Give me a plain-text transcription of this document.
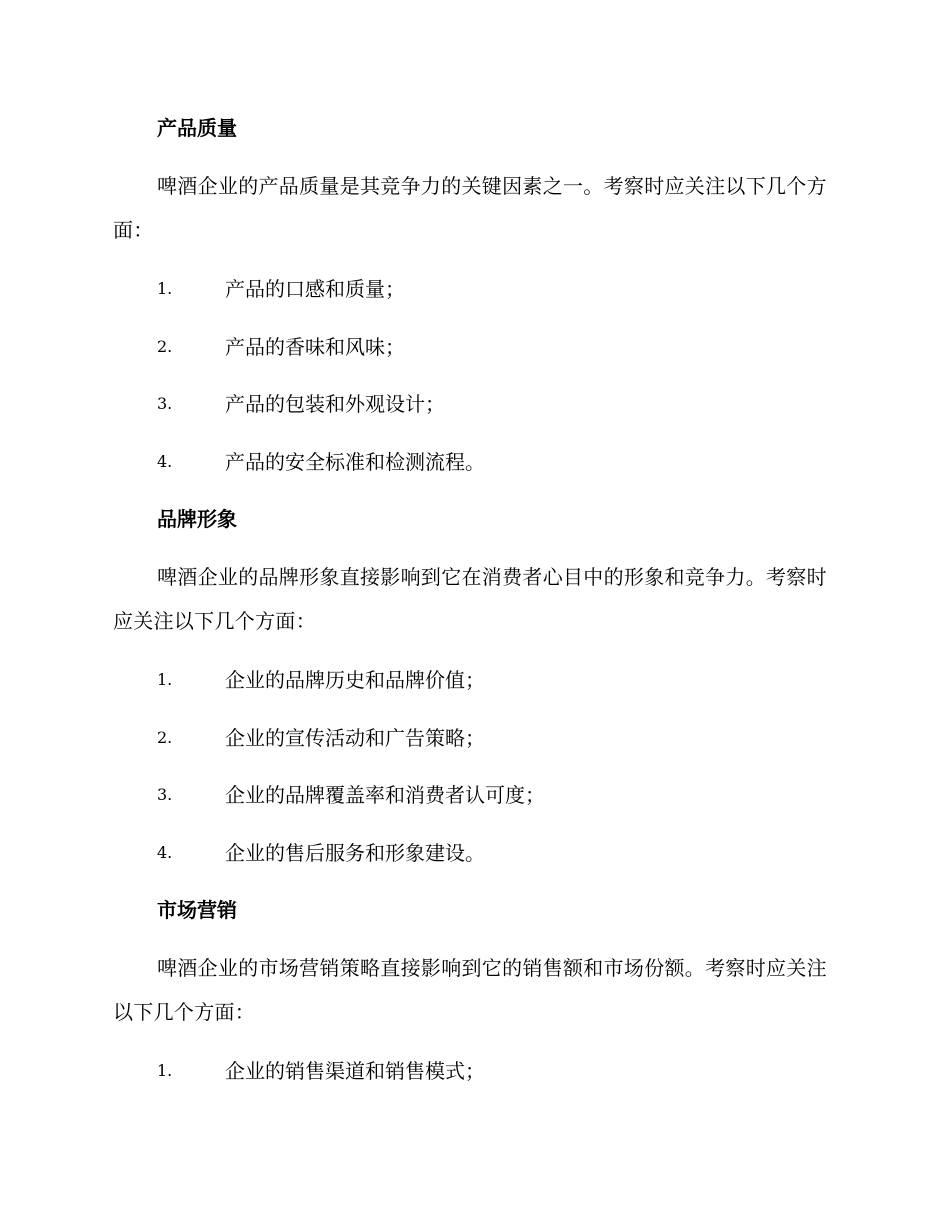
产品质量

啤酒企业的产品质量是其竞争力的关键因素之一。考察时应关注以下几个方面：

1.	产品的口感和质量；
2.	产品的香味和风味；
3.	产品的包装和外观设计；
4.	产品的安全标准和检测流程。
品牌形象

啤酒企业的品牌形象直接影响到它在消费者心目中的形象和竞争力。考察时应关注以下几个方面：

1.	企业的品牌历史和品牌价值；
2.	企业的宣传活动和广告策略；
3.	企业的品牌覆盖率和消费者认可度；
4.	企业的售后服务和形象建设。
市场营销

啤酒企业的市场营销策略直接影响到它的销售额和市场份额。考察时应关注以下几个方面：

1.	企业的销售渠道和销售模式；
